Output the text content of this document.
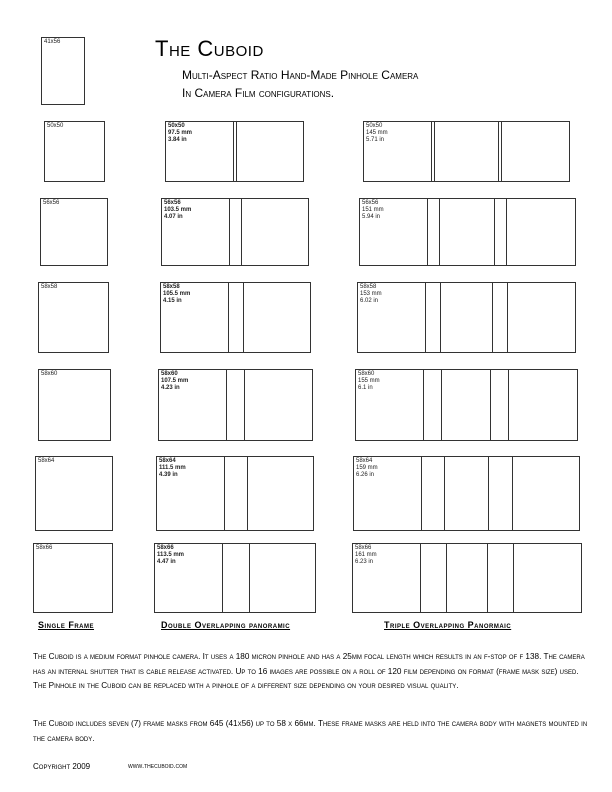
41x56	The Cuboid
Multi-Aspect Ratio Hand-Made Pinhole Camera
In Camera Film configurations.
50x50	50x50
97.5 mm
3.84 in
50x50
145 mm
5.71 in
56x56	56x56
103.5 mm
4.07 in
56x56
151 mm
5.94 in
58x58	58x58
105.5 mm
4.15 in
58x58
153 mm
6.02 in
58x60	58x60
107.5 mm
4.23 in
58x60
155 mm
6.1 in
58x64	58x64
111.5 mm
4.39 in
58x64
159 mm
6.26 in
58x66	58x66
113.5 mm
4.47 in
58x66
161 mm
6.23 in
Single Frame	Double Overlapping panoramic	Triple Overlapping Panormaic
The Cuboid is a medium format pinhole camera. It uses a 180 micron pinhole and has a 25mm focal length which results in an f-stop of f 138. The camera has an internal shutter that is cable release activated. Up to 16 images are possible on a roll of 120 film depending on format (frame mask size) used. The Pinhole in the Cuboid can be replaced with a pinhole of a different size depending on your desired visual quality.
The Cuboid includes seven (7) frame masks from 645 (41x56) up to 58 x 66mm. These frame masks are held into the camera body with magnets mounted in the camera body.
Copyright 2009	www.thecuboid.com
